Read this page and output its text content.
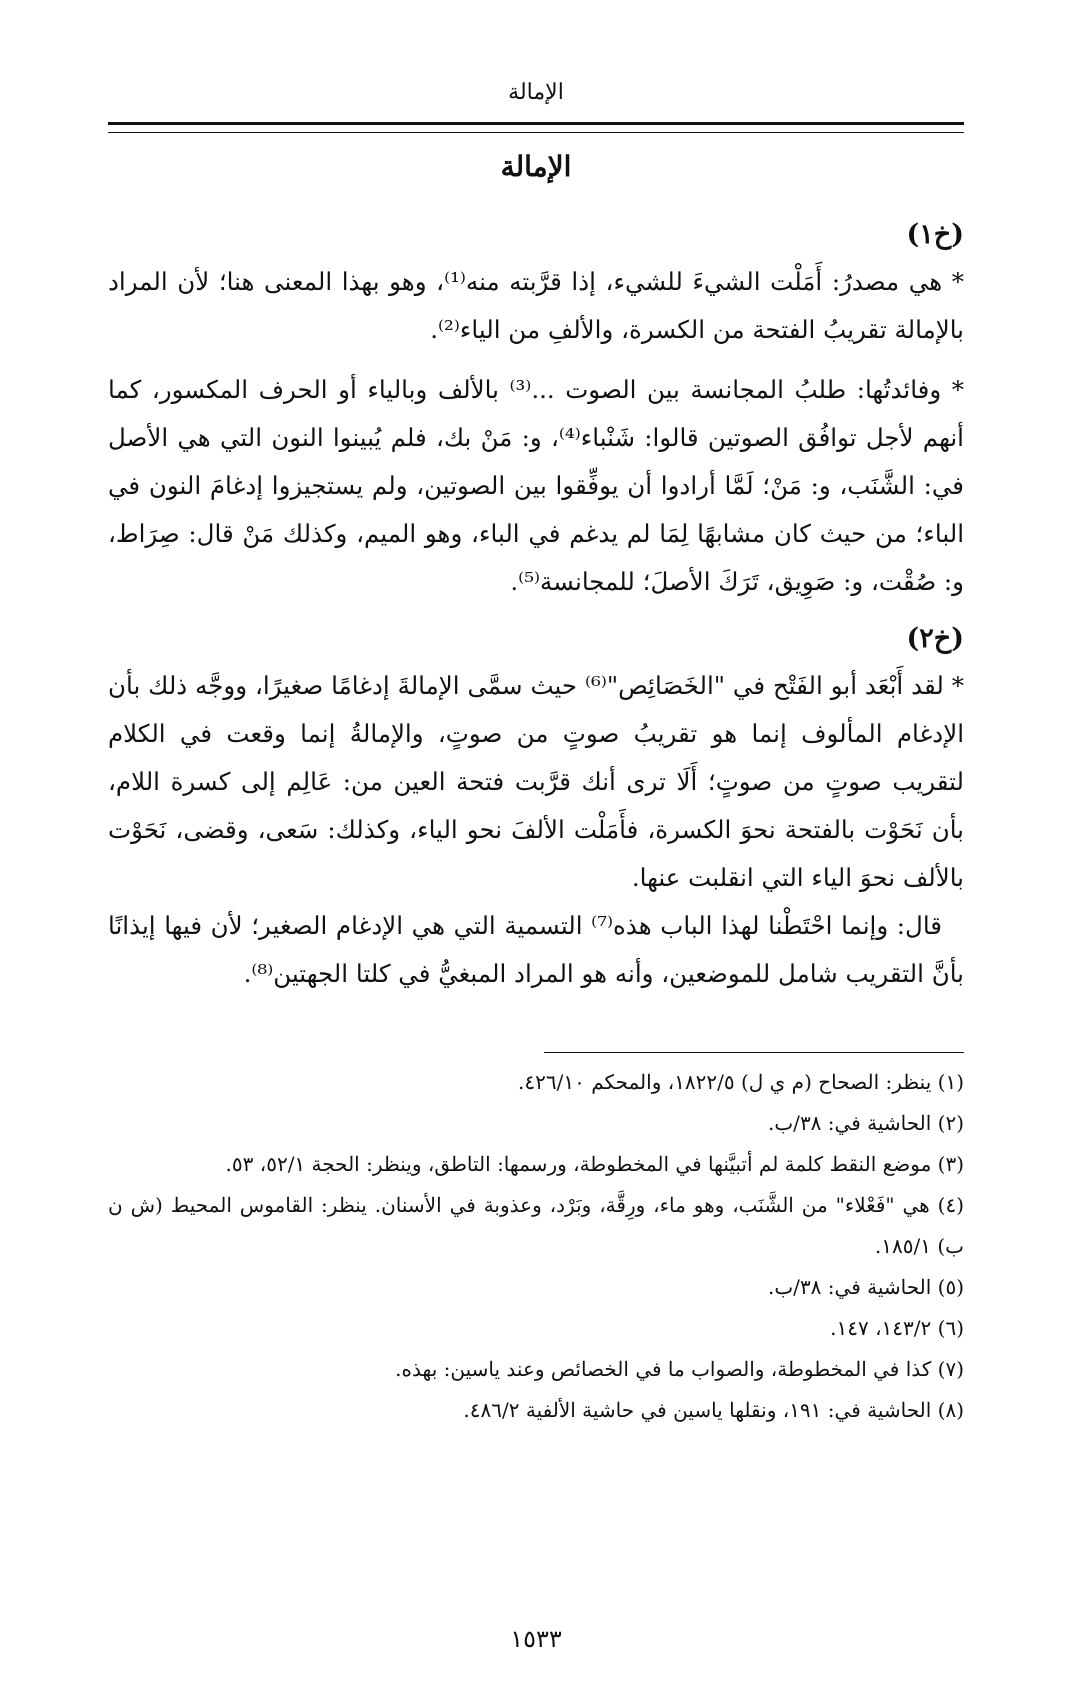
الإمالة
الإمالة
(خ١)

* هي مصدرُ: أَمَلْت الشيءَ للشيء، إذا قرَّبته منه⁽¹⁾، وهو بهذا المعنى هنا؛ لأن المراد بالإمالة تقريبُ الفتحة من الكسرة، والألفِ من الياء⁽²⁾.

* وفائدتُها: طلبُ المجانسة بين الصوت ...⁽³⁾ بالألف وبالياء أو الحرف المكسور، كما أنهم لأجل توافُق الصوتين قالوا: شَنْباء⁽⁴⁾، و: مَنْ بك، فلم يُبينوا النون التي هي الأصل في: الشَّنَب، و: مَنْ؛ لَمَّا أرادوا أن يوفِّقوا بين الصوتين، ولم يستجيزوا إدغامَ النون في الباء؛ من حيث كان مشابهًا لِمَا لم يدغم في الباء، وهو الميم، وكذلك مَنْ قال: صِرَاط، و: صُقْت، و: صَوِيق، تَرَكَ الأصلَ؛ للمجانسة⁽⁵⁾.

(خ٢)

* لقد أَبْعَد أبو الفَتْح في "الخَصَائِص"⁽⁶⁾ حيث سمَّى الإمالةَ إدغامًا صغيرًا، ووجَّه ذلك بأن الإدغام المألوف إنما هو تقريبُ صوتٍ من صوتٍ، والإمالةُ إنما وقعت في الكلام لتقريب صوتٍ من صوتٍ؛ أَلَا ترى أنك قرَّبت فتحة العين من: عَالِم إلى كسرة اللام، بأن نَحَوْت بالفتحة نحوَ الكسرة، فأَمَلْت الألفَ نحو الياء، وكذلك: سَعى، وقضى، نَحَوْت بالألف نحوَ الياء التي انقلبت عنها.

قال: وإنما احْتَطْنا لهذا الباب هذه⁽⁷⁾ التسمية التي هي الإدغام الصغير؛ لأن فيها إيذانًا بأنَّ التقريب شامل للموضعين، وأنه هو المراد المبغيُّ في كلتا الجهتين⁽⁸⁾.

(١) ينظر: الصحاح (م ي ل) ١٨٢٢/٥، والمحكم ٤٢٦/١٠.

(٢) الحاشية في: ٣٨/ب.

(٣) موضع النقط كلمة لم أتبيَّنها في المخطوطة، ورسمها: التاطق، وينظر: الحجة ٥٢/١، ٥٣.

(٤) هي "فَعْلاء" من الشَّنَب، وهو ماء، ورِقَّة، وبَرْد، وعذوبة في الأسنان. ينظر: القاموس المحيط (ش ن ب) ١٨٥/١.

(٥) الحاشية في: ٣٨/ب.

(٦) ١٤٣/٢، ١٤٧.

(٧) كذا في المخطوطة، والصواب ما في الخصائص وعند ياسين: بهذه.

(٨) الحاشية في: ١٩١، ونقلها ياسين في حاشية الألفية ٤٨٦/٢.

١٥٣٣
